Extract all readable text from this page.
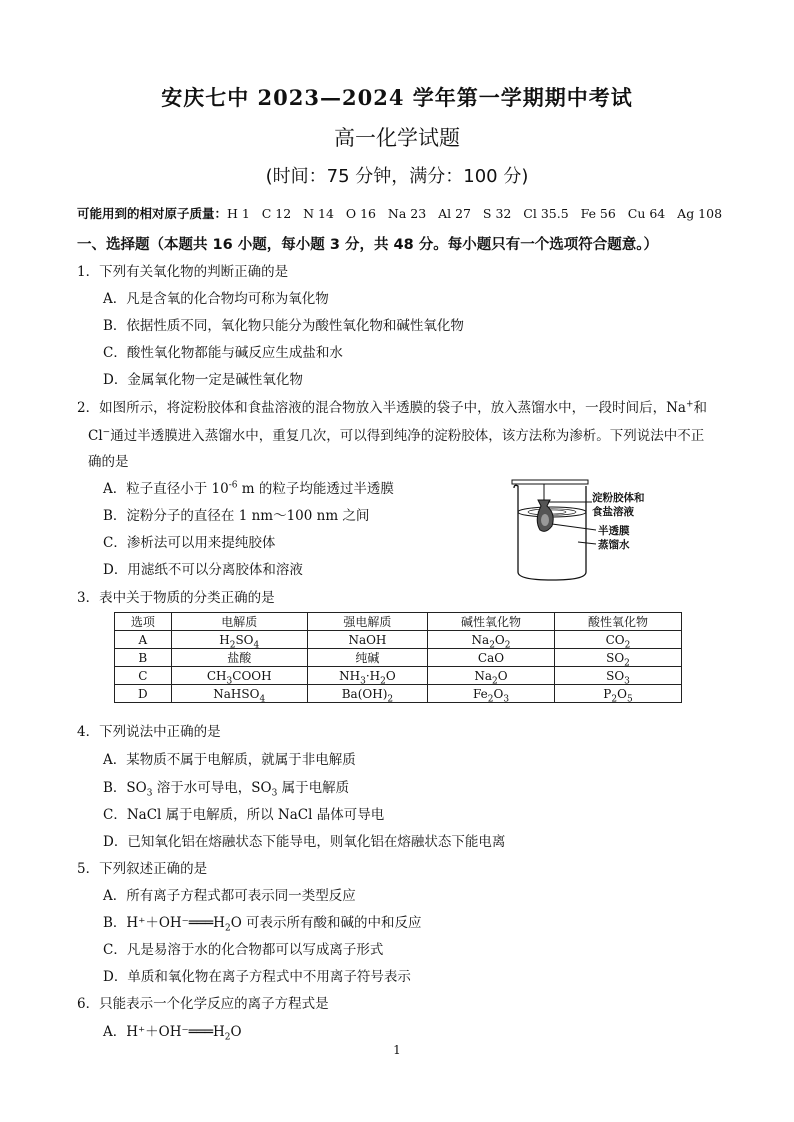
安庆七中 2023—2024 学年第一学期期中考试
高一化学试题
(时间：75 分钟，满分：100 分)
可能用到的相对原子质量：H 1   C 12   N 14   O 16   Na 23   Al 27   S 32   Cl 35.5   Fe 56   Cu 64   Ag 108
一、选择题（本题共 16 小题，每小题 3 分，共 48 分。每小题只有一个选项符合题意。）
1．下列有关氧化物的判断正确的是
A．凡是含氧的化合物均可称为氧化物
B．依据性质不同，氧化物只能分为酸性氧化物和碱性氧化物
C．酸性氧化物都能与碱反应生成盐和水
D．金属氧化物一定是碱性氧化物
2．如图所示，将淀粉胶体和食盐溶液的混合物放入半透膜的袋子中，放入蒸馏水中，一段时间后，Na+和
Cl−通过半透膜进入蒸馏水中，重复几次，可以得到纯净的淀粉胶体，该方法称为渗析。下列说法中不正
确的是
A．粒子直径小于 $10^{-6}$ m 的粒子均能透过半透膜
B．淀粉分子的直径在 1 nm～100 nm 之间
C．渗析法可以用来提纯胶体
D．用滤纸不可以分离胶体和溶液
淀粉胶体和
食盐溶液
半透膜
蒸馏水
3．表中关于物质的分类正确的是
选项	电解质	强电解质	碱性氧化物	酸性氧化物
A	$H_2SO_4$	NaOH	$Na_2O_2$	$CO_2$
B	盐酸	纯碱	CaO	$SO_2$
C	$CH_3COOH$	$NH_3\cdot H_2O$	$Na_2O$	$SO_3$
D	NaHSO$_4$	$Ba(OH)_2$	$Fe_2O_3$	$P_2O_5$
4．下列说法中正确的是
A．某物质不属于电解质，就属于非电解质
B．$SO_3$ 溶于水可导电，$SO_3$ 属于电解质
C．NaCl 属于电解质，所以 NaCl 晶体可导电
D．已知氧化铝在熔融状态下能导电，则氧化铝在熔融状态下能电离
5．下列叙述正确的是
A．所有离子方程式都可表示同一类型反应
B．$H^++OH^-═══H_2O$ 可表示所有酸和碱的中和反应
C．凡是易溶于水的化合物都可以写成离子形式
D．单质和氧化物在离子方程式中不用离子符号表示
6．只能表示一个化学反应的离子方程式是
A．$H^++OH^-═══H_2O$
1
